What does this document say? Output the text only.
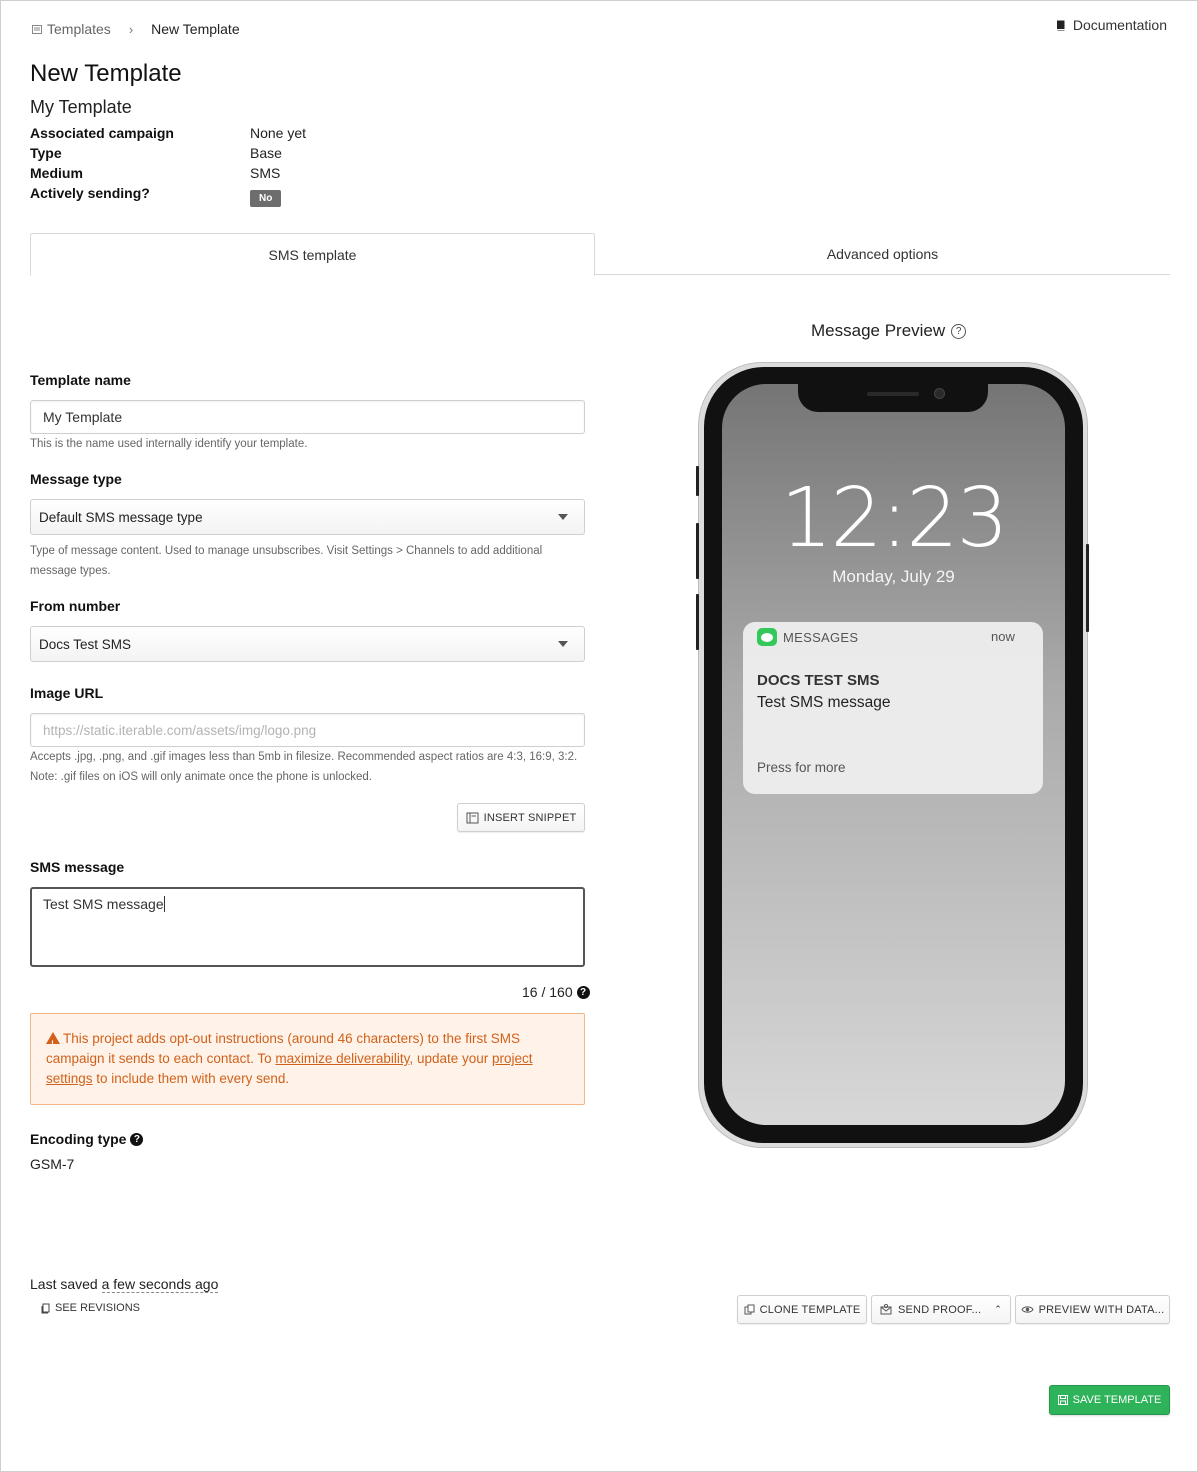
Templates › New Template	Documentation
New Template
My Template
Associated campaign	None yet
Type	Base
Medium	SMS
Actively sending?	No
SMS template	Advanced options
Template name
My Template
This is the name used internally identify your template.
Message type
Default SMS message type
Type of message content. Used to manage unsubscribes. Visit Settings > Channels to add additional message types.
From number
Docs Test SMS
Image URL
https://static.iterable.com/assets/img/logo.png
Accepts .jpg, .png, and .gif images less than 5mb in filesize. Recommended aspect ratios are 4:3, 16:9, 3:2.
Note: .gif files on iOS will only animate once the phone is unlocked.
INSERT SNIPPET
SMS message
Test SMS message
16 / 160 ?
!This project adds opt-out instructions (around 46 characters) to the first SMS campaign it sends to each contact. To maximize deliverability, update your project settings to include them with every send.
Encoding type ?
GSM-7
Message Preview	?
12:23
Monday, July 29
MESSAGES	now
DOCS TEST SMS
Test SMS message
Press for more
Last saved a few seconds ago
SEE REVISIONS	CLONE TEMPLATE	SEND PROOF... ⌃	PREVIEW WITH DATA...
SAVE TEMPLATE
